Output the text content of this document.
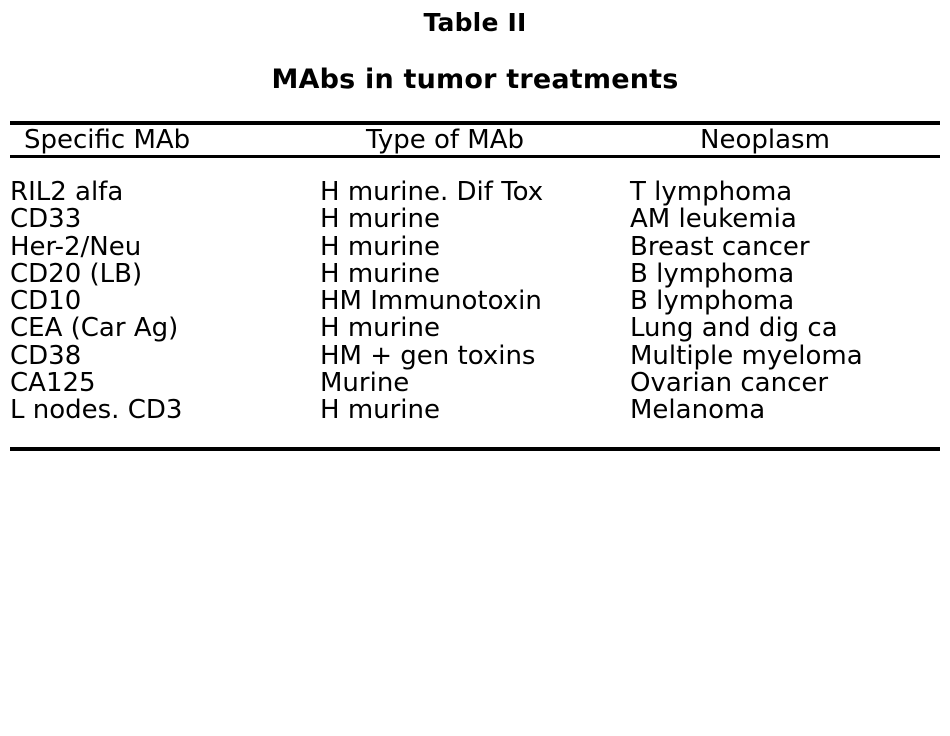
Table II
MAbs in tumor treatments
Specific MAb	Type of MAb	Neoplasm
RIL2 alfa	H murine. Dif Tox	T lymphoma
CD33	H murine	AM leukemia
Her-2/Neu	H murine	Breast cancer
CD20 (LB)	H murine	B lymphoma
CD10	HM Immunotoxin	B lymphoma
CEA (Car Ag)	H murine	Lung and dig ca
CD38	HM + gen toxins	Multiple myeloma
CA125	Murine	Ovarian cancer
L nodes. CD3	H murine	Melanoma
